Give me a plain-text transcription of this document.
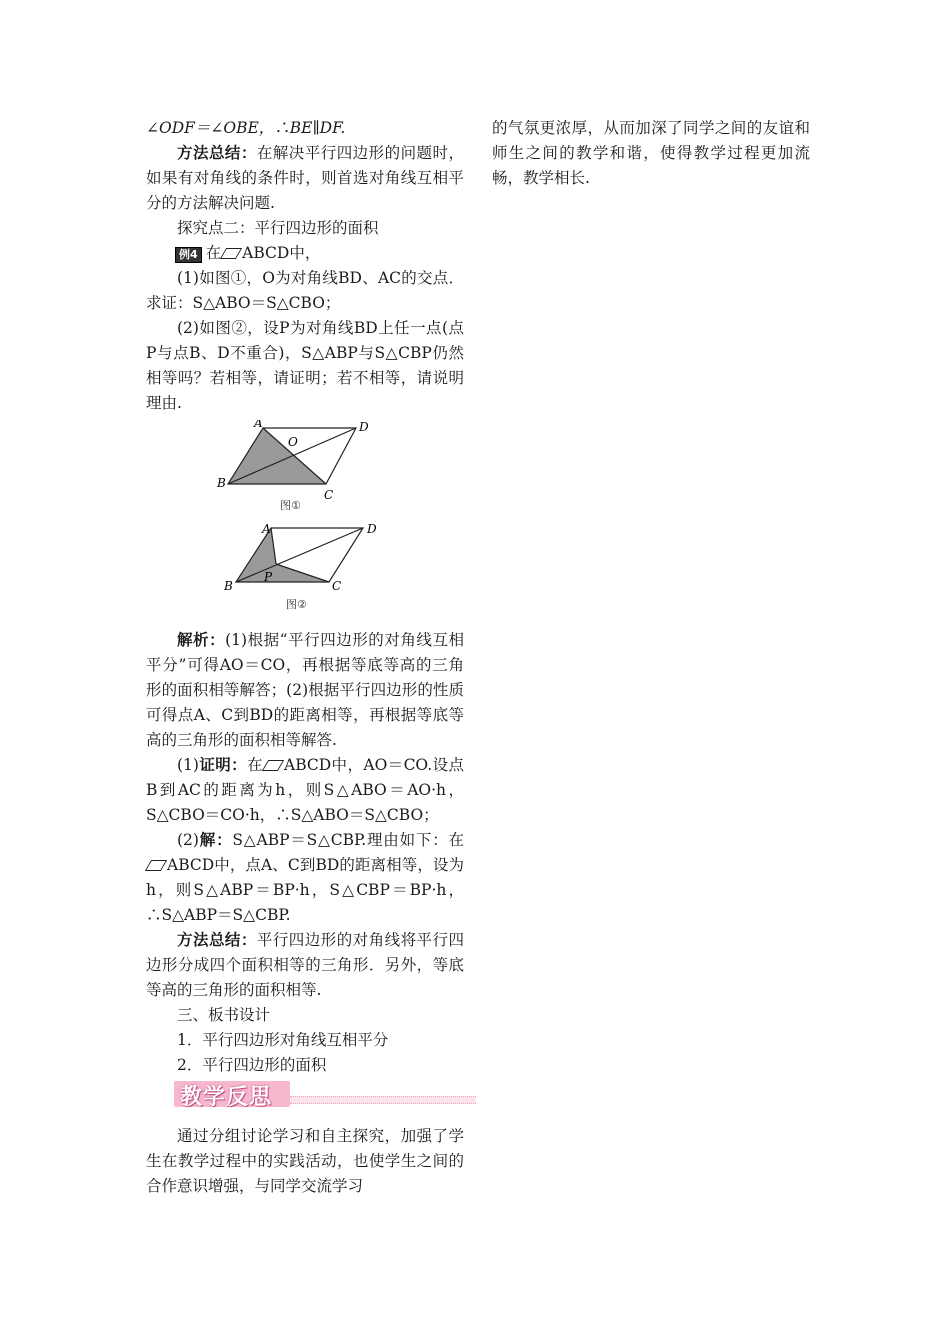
∠ODF＝∠OBE，∴BE∥DF.

方法总结：在解决平行四边形的问题时，如果有对角线的条件时，则首选对角线互相平分的方法解决问题.

探究点二：平行四边形的面积

例4 在 ABCD中，

(1)如图①，O为对角线BD、AC的交点．求证：S△ABO＝S△CBO；

(2)如图②，设P为对角线BD上任一点(点P与点B、D不重合)，S△ABP与S△CBP仍然相等吗？若相等，请证明；若不相等，请说明理由.

A	D
B
C
O
图①
A	D
B	C
P
图②

解析：(1)根据“平行四边形的对角线互相平分”可得AO＝CO，再根据等底等高的三角形的面积相等解答；(2)根据平行四边形的性质可得点A、C到BD的距离相等，再根据等底等高的三角形的面积相等解答.

(1)证明：在 ABCD中，AO＝CO.设点B到AC的距离为h，则S△ABO＝AO·h，S△CBO＝CO·h，∴S△ABO＝S△CBO；

(2)解：S△ABP＝S△CBP.理由如下：在ABCD中，点A、C到BD的距离相等，设为h，则S△ABP＝BP·h，S△CBP＝BP·h，∴S△ABP＝S△CBP.

方法总结：平行四边形的对角线将平行四边形分成四个面积相等的三角形．另外，等底等高的三角形的面积相等.

三、板书设计

1．平行四边形对角线互相平分

2．平行四边形的面积

教学反思

通过分组讨论学习和自主探究，加强了学生在教学过程中的实践活动，也使学生之间的合作意识增强，与同学交流学习

的气氛更浓厚，从而加深了同学之间的友谊和师生之间的教学和谐，使得教学过程更加流畅，教学相长.
